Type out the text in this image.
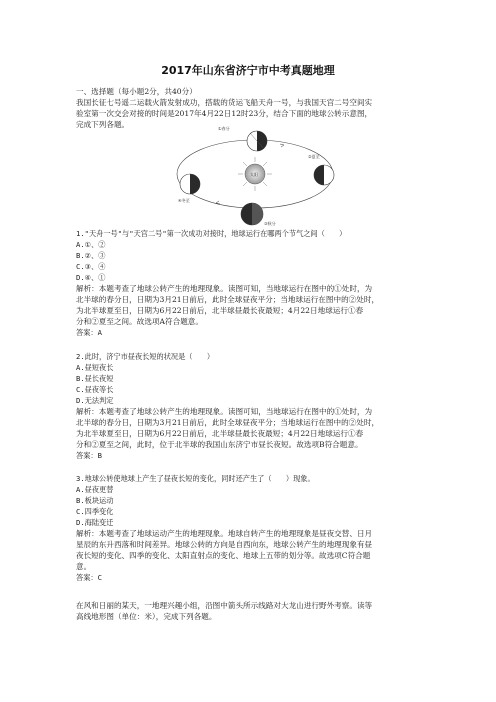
2017年山东省济宁市中考真题地理

一、选择题（每小题2分，共40分）

我国长征七号遥二运载火箭发射成功，搭载的货运飞船天舟一号，与我国天宫二号空间实

验室第一次交会对接的时间是2017年4月22日12时23分，结合下面的地球公转示意图，

完成下列各题。

太阳
①春分
②夏至
③秋分
④冬至

1."天舟一号"与"天宫二号"第一次成功对接时，地球运行在哪两个节气之间（　　）

A.①、②

B.②、③

C.③、④

D.④、①

解析：本题考查了地球公转产生的地理现象。读图可知，当地球运行在图中的①处时，为

北半球的春分日，日期为3月21日前后，此时全球昼夜平分；当地球运行在图中的②处时，

为北半球夏至日，日期为6月22日前后，北半球昼最长夜最短；4月22日地球运行①春

分和②夏至之间。故选项A符合题意。

答案：A

2.此时，济宁市昼夜长短的状况是（　　）

A.昼短夜长

B.昼长夜短

C.昼夜等长

D.无法判定

解析：本题考查了地球公转产生的地理现象。读图可知，当地球运行在图中的①处时，为

北半球的春分日，日期为3月21日前后，此时全球昼夜平分；当地球运行在图中的②处时，

为北半球夏至日，日期为6月22日前后，北半球昼最长夜最短；4月22日地球运行①春

分和②夏至之间，此时，位于北半球的我国山东济宁市昼长夜短。故选项B符合题意。

答案：B

3.地球公转使地球上产生了昼夜长短的变化，同时还产生了（　　）现象。

A.昼夜更替

B.板块运动

C.四季变化

D.海陆变迁

解析：本题考查了地球运动产生的地理现象。地球自转产生的地理现象是昼夜交替、日月

星辰的东升西落和时间差异。地球公转的方向是自西向东，地球公转产生的地理现象有昼

夜长短的变化、四季的变化、太阳直射点的变化、地球上五带的划分等。故选项C符合题

意。

答案：C

在风和日丽的某天，一地理兴趣小组，沿图中箭头所示线路对大龙山进行野外考察。读等

高线地形图（单位：米），完成下列各题。
